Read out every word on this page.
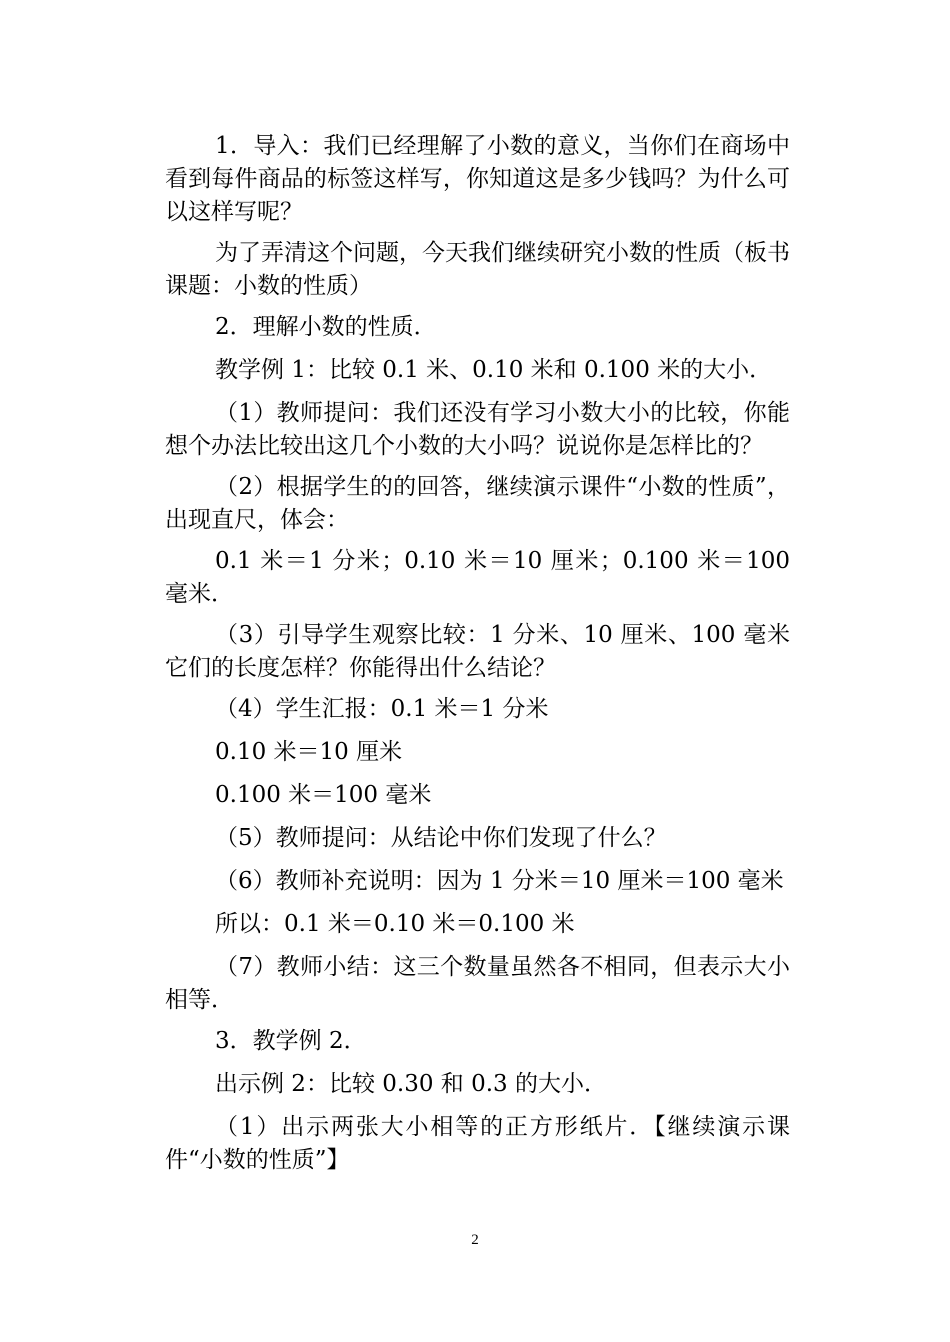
1．导入：我们已经理解了小数的意义，当你们在商场中看到每件商品的标签这样写，你知道这是多少钱吗？为什么可以这样写呢？

为了弄清这个问题，今天我们继续研究小数的性质（板书课题：小数的性质）

2．理解小数的性质．

教学例 1：比较 0.1 米、0.10 米和 0.100 米的大小．

（1）教师提问：我们还没有学习小数大小的比较，你能想个办法比较出这几个小数的大小吗？说说你是怎样比的？

（2）根据学生的的回答，继续演示课件“小数的性质”，出现直尺，体会：

0.1 米＝1 分米；0.10 米＝10 厘米；0.100 米＝100 毫米．

（3）引导学生观察比较：1 分米、10 厘米、100 毫米它们的长度怎样？你能得出什么结论？

（4）学生汇报：0.1 米＝1 分米

0.10 米＝10 厘米

0.100 米＝100 毫米

（5）教师提问：从结论中你们发现了什么？

（6）教师补充说明：因为 1 分米＝10 厘米＝100 毫米

所以：0.1 米＝0.10 米＝0.100 米

（7）教师小结：这三个数量虽然各不相同，但表示大小相等．

3．教学例 2．

出示例 2：比较 0.30 和 0.3 的大小．

（1）出示两张大小相等的正方形纸片．【继续演示课件“小数的性质”】

2
